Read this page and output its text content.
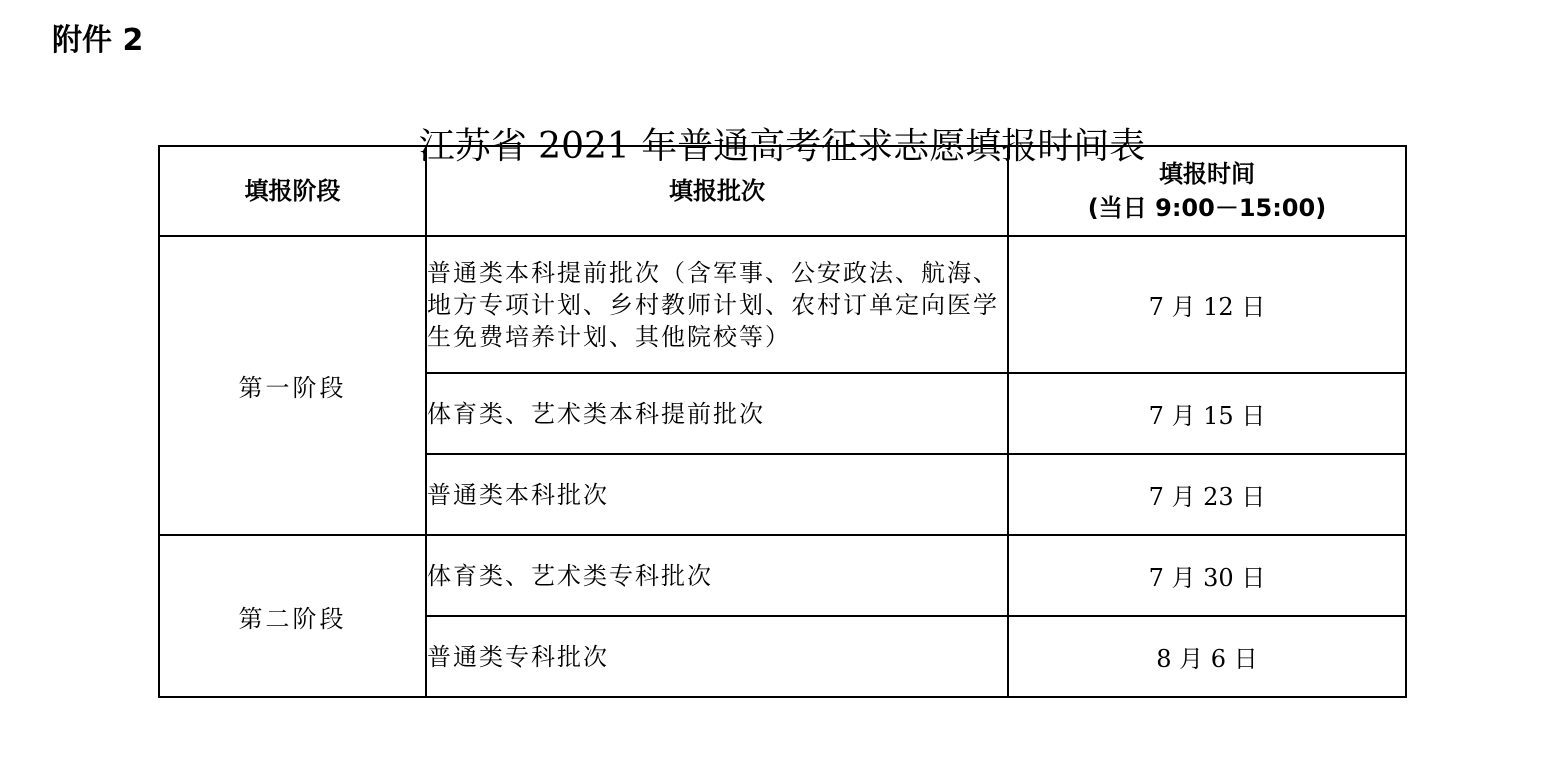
附件 2
江苏省 2021 年普通高考征求志愿填报时间表
填报阶段	填报批次	填报时间
(当日 9:00－15:00)

第一阶段	普通类本科提前批次（含军事、公安政法、航海、地方专项计划、乡村教师计划、农村订单定向医学生免费培养计划、其他院校等）	7 月 12 日
	体育类、艺术类本科提前批次	7 月 15 日
	普通类本科批次	7 月 23 日
第二阶段	体育类、艺术类专科批次	7 月 30 日
	普通类专科批次	8 月 6 日
